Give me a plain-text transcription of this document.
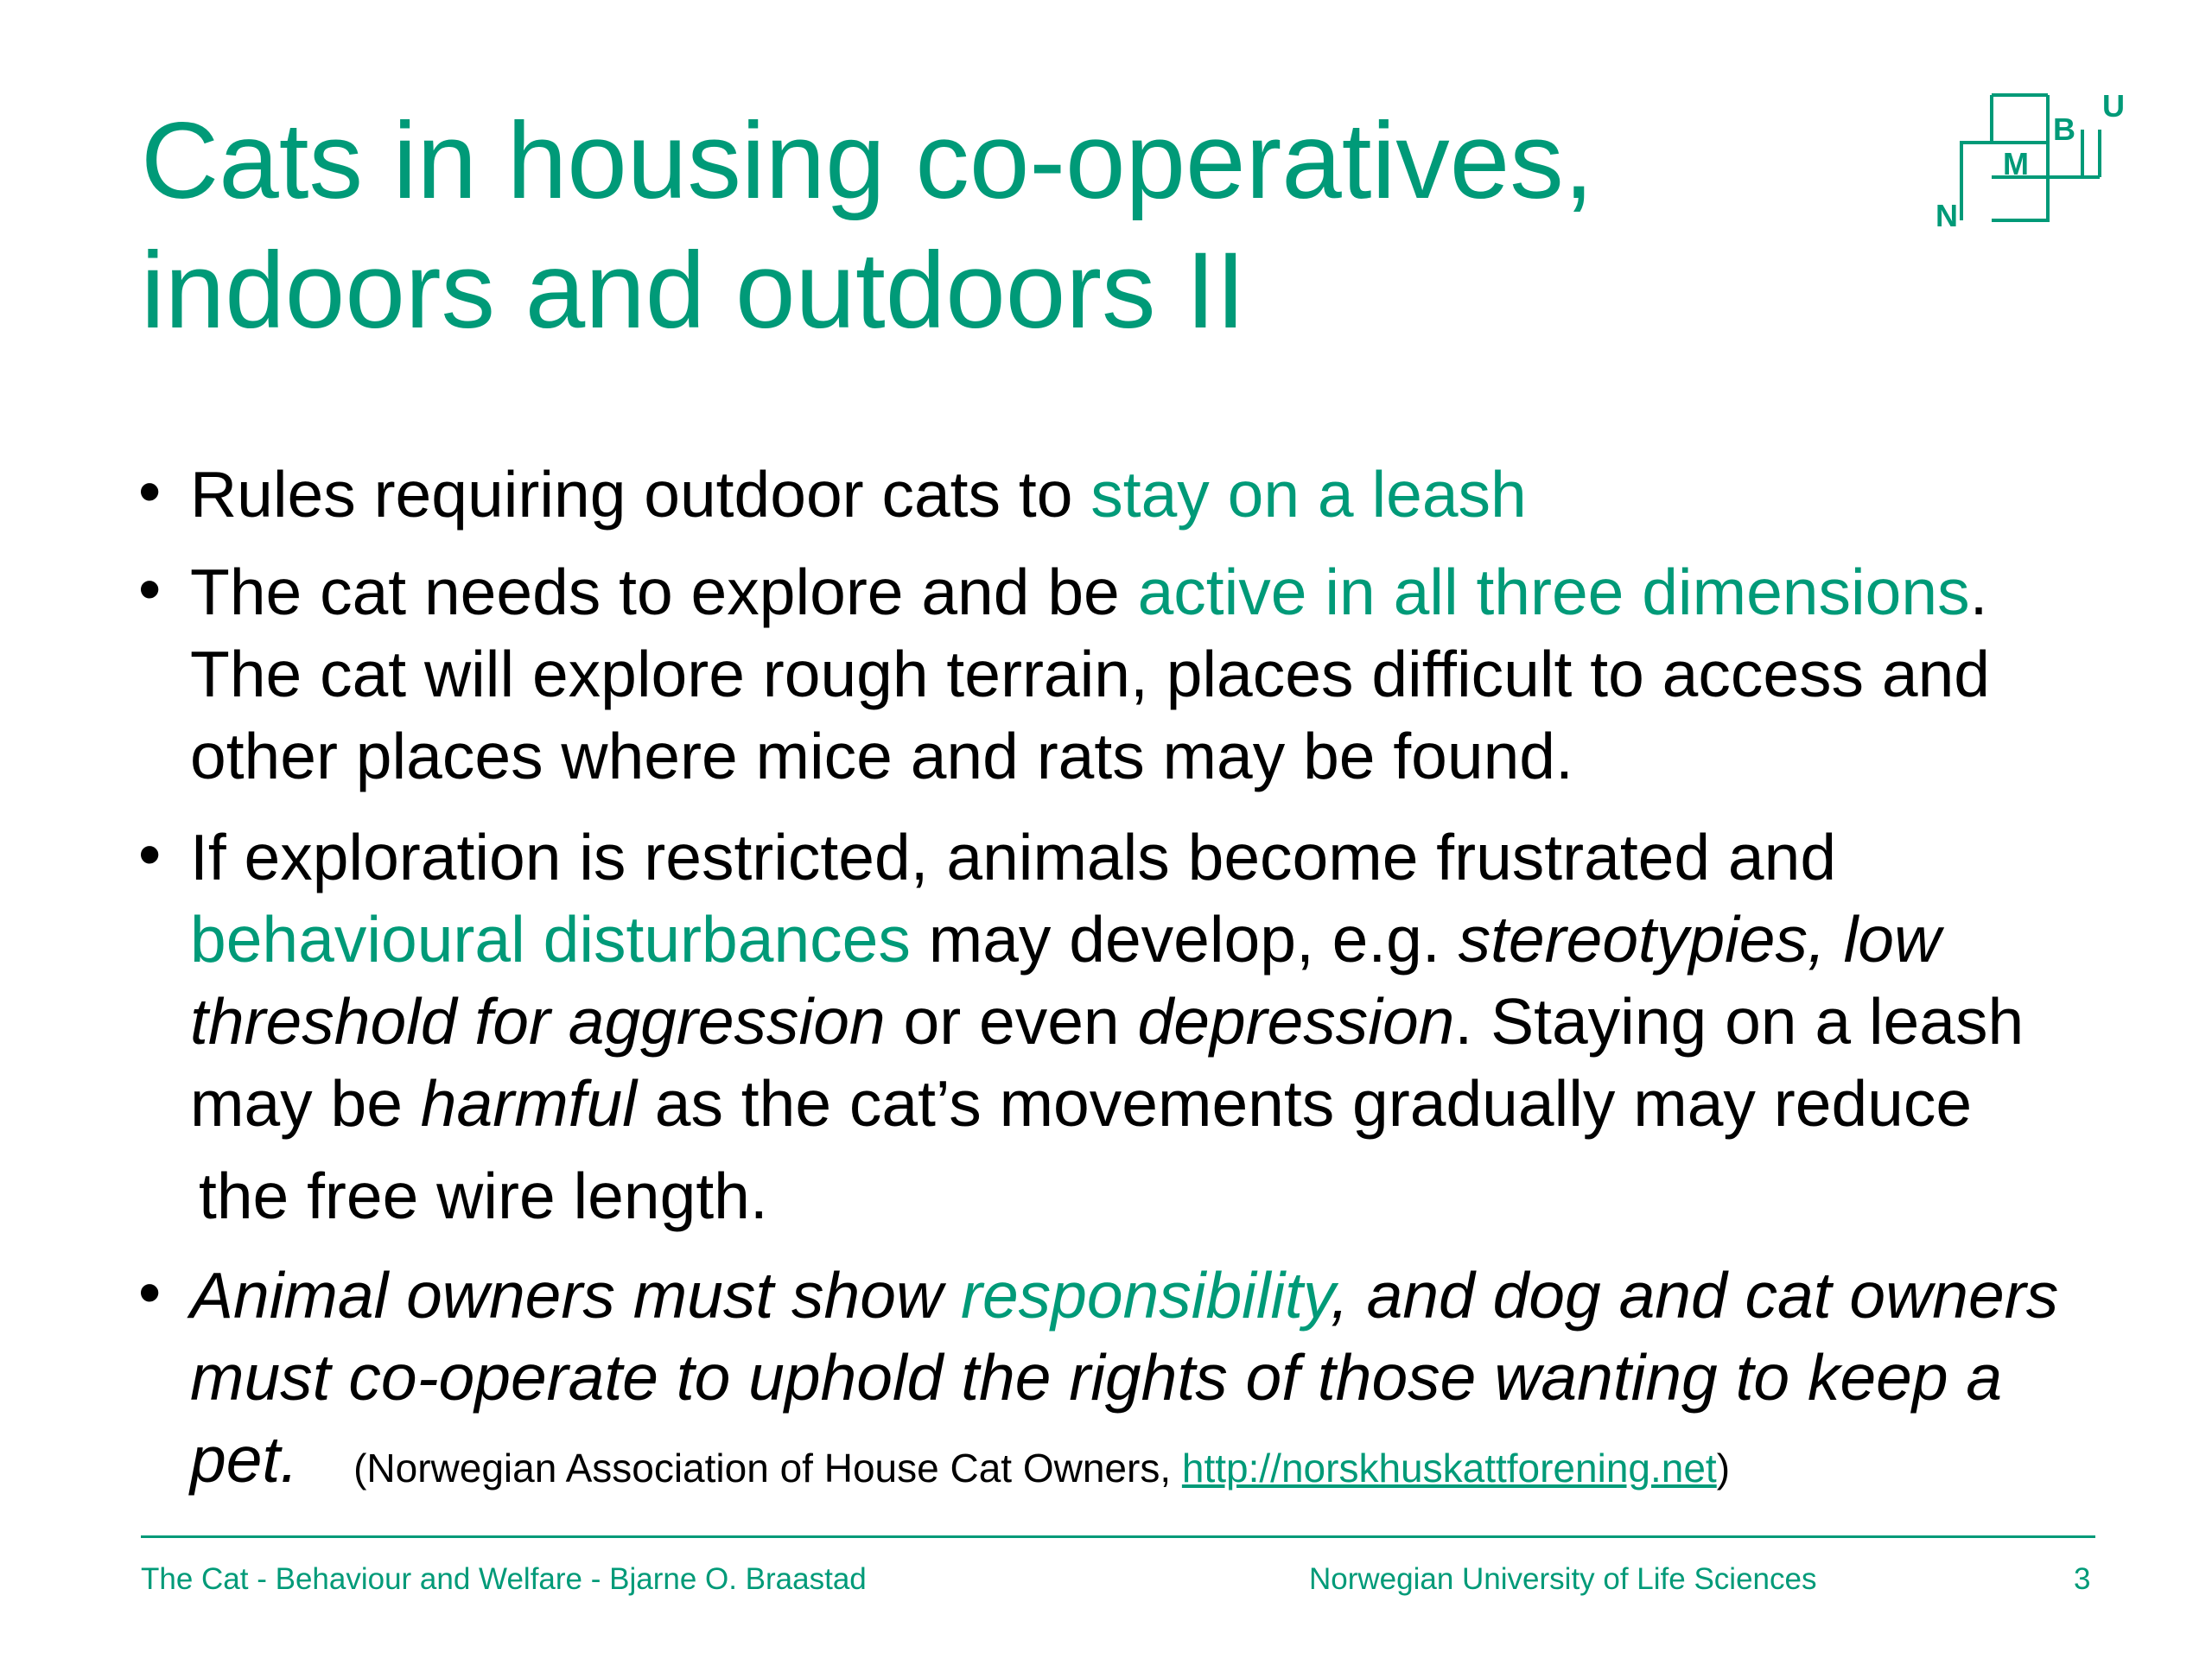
Cats in housing co-operatives,
indoors and outdoors II
N
M
B
U
• Rules requiring outdoor cats to stay on a leash
• The cat needs to explore and be active in all three dimensions.
The cat will explore rough terrain, places difficult to access and
other places where mice and rats may be found.
• If exploration is restricted, animals become frustrated and
behavioural disturbances may develop, e.g. stereotypies, low
threshold for aggression or even depression. Staying on a leash
may be harmful as the cat’s movements gradually may reduce
the free wire length.
• Animal owners must show responsibility, and dog and cat owners
must co-operate to uphold the rights of those wanting to keep a
pet. (Norwegian Association of House Cat Owners, http://norskhuskattforening.net)
The Cat - Behaviour and Welfare - Bjarne O. Braastad	Norwegian University of Life Sciences	3
